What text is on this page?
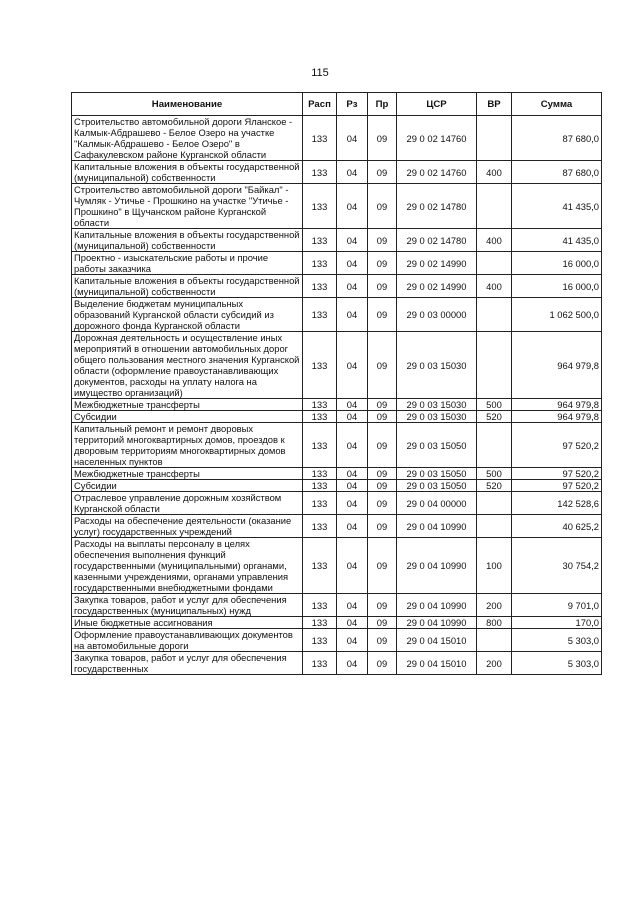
115
Наименование	Расп	Рз	Пр	ЦСР	ВР	Сумма
Строительство автомобильной дороги Яланское - Калмык-Абдрашево - Белое Озеро на участке "Калмык-Абдрашево - Белое Озеро" в Сафакулевском районе Курганской области	133	04	09	29 0 02 14760		87 680,0
Капитальные вложения в объекты государственной (муниципальной) собственности	133	04	09	29 0 02 14760	400	87 680,0
Строительство автомобильной дороги "Байкал" - Чумляк - Утичье - Прошкино на участке "Утичье - Прошкино" в Щучанском районе Курганской области	133	04	09	29 0 02 14780		41 435,0
Капитальные вложения в объекты государственной (муниципальной) собственности	133	04	09	29 0 02 14780	400	41 435,0
Проектно - изыскательские работы и прочие работы заказчика	133	04	09	29 0 02 14990		16 000,0
Капитальные вложения в объекты государственной (муниципальной) собственности	133	04	09	29 0 02 14990	400	16 000,0
Выделение бюджетам муниципальных образований Курганской области субсидий из дорожного фонда Курганской области	133	04	09	29 0 03 00000		1 062 500,0
Дорожная деятельность и осуществление иных мероприятий в отношении автомобильных дорог общего пользования местного значения Курганской области (оформление правоустанавливающих документов, расходы на уплату налога на имущество организаций)	133	04	09	29 0 03 15030		964 979,8
Межбюджетные трансферты	133	04	09	29 0 03 15030	500	964 979,8
Субсидии	133	04	09	29 0 03 15030	520	964 979,8
Капитальный ремонт и ремонт дворовых территорий многоквартирных домов, проездов к дворовым территориям многоквартирных домов населенных пунктов	133	04	09	29 0 03 15050		97 520,2
Межбюджетные трансферты	133	04	09	29 0 03 15050	500	97 520,2
Субсидии	133	04	09	29 0 03 15050	520	97 520,2
Отраслевое управление дорожным хозяйством Курганской области	133	04	09	29 0 04 00000		142 528,6
Расходы на обеспечение деятельности (оказание услуг) государственных учреждений	133	04	09	29 0 04 10990		40 625,2
Расходы на выплаты персоналу в целях обеспечения выполнения функций государственными (муниципальными) органами, казенными учреждениями, органами управления государственными внебюджетными фондами	133	04	09	29 0 04 10990	100	30 754,2
Закупка товаров, работ и услуг для обеспечения государственных (муниципальных) нужд	133	04	09	29 0 04 10990	200	9 701,0
Иные бюджетные ассигнования	133	04	09	29 0 04 10990	800	170,0
Оформление правоустанавливающих документов на автомобильные дороги	133	04	09	29 0 04 15010		5 303,0
Закупка товаров, работ и услуг для обеспечения государственных	133	04	09	29 0 04 15010	200	5 303,0
